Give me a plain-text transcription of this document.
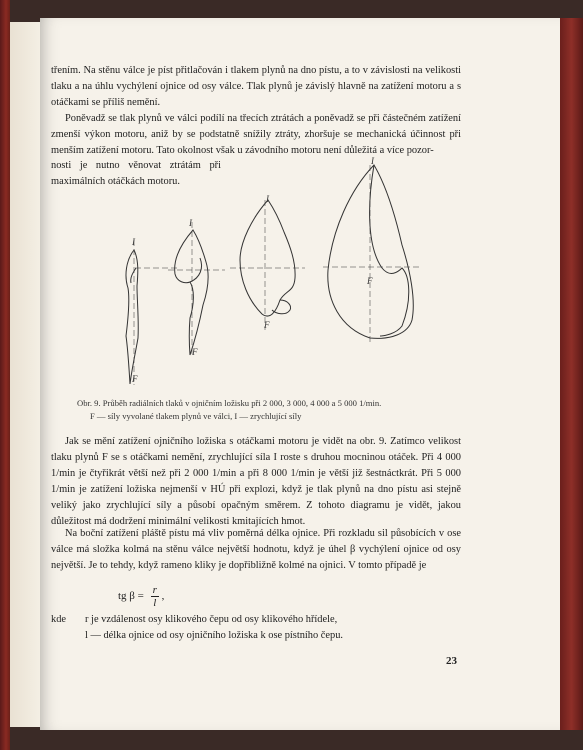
třením. Na stěnu válce je píst přitlačován i tlakem plynů na dno pístu, a to v závislosti na velikosti tlaku a na úhlu vychýlení ojnice od osy válce. Tlak plynů je závislý hlavně na zatížení motoru a s otáčkami se příliš nemění.

Poněvadž se tlak plynů ve válci podílí na třecích ztrátách a poněvadž se při částečném zatížení zmenší výkon motoru, aniž by se podstatně snížily ztráty, zhoršuje se mechanická účinnost při menším zatížení motoru. Tato okolnost však u závodního motoru není důležitá a více pozor-

nosti je nutno věnovat ztrátám při maximálních otáčkách motoru.

I
F
I
F
I
F
I
F

Obr. 9. Průběh radiálních tlaků v ojničním ložisku při 2 000, 3 000, 4 000 a 5 000 1/min.

F — síly vyvolané tlakem plynů ve válci, I — zrychlující síly

Jak se mění zatížení ojničního ložiska s otáčkami motoru je vidět na obr. 9. Zatímco velikost tlaku plynů F se s otáčkami nemění, zrychlující síla I roste s druhou mocninou otáček. Při 4 000 1/min je čtyřikrát větší než při 2 000 1/min a při 8 000 1/min je větší již šestnáctkrát. Při 5 000 1/min je zatížení ložiska nejmenší v HÚ při explozi, když je tlak plynů na dno pístu asi stejně veliký jako zrychlující síly a působí opačným směrem. Z tohoto diagramu je vidět, jakou důležitost má dodržení minimální velikosti kmitajících hmot.

Na boční zatížení pláště pístu má vliv poměrná délka ojnice. Při rozkladu sil působících v ose válce má složka kolmá na stěnu válce největší hodnotu, když je úhel β vychýlení ojnice od osy největší. Je to tehdy, když rameno kliky je dopřibližně kolmé na ojnici. V tomto případě je

tg $\beta = \frac{r}{l}$ ,
kde r je vzdálenost osy klikového čepu od osy klikového hřídele,
l — délka ojnice od osy ojničního ložiska k ose pístního čepu.
23
